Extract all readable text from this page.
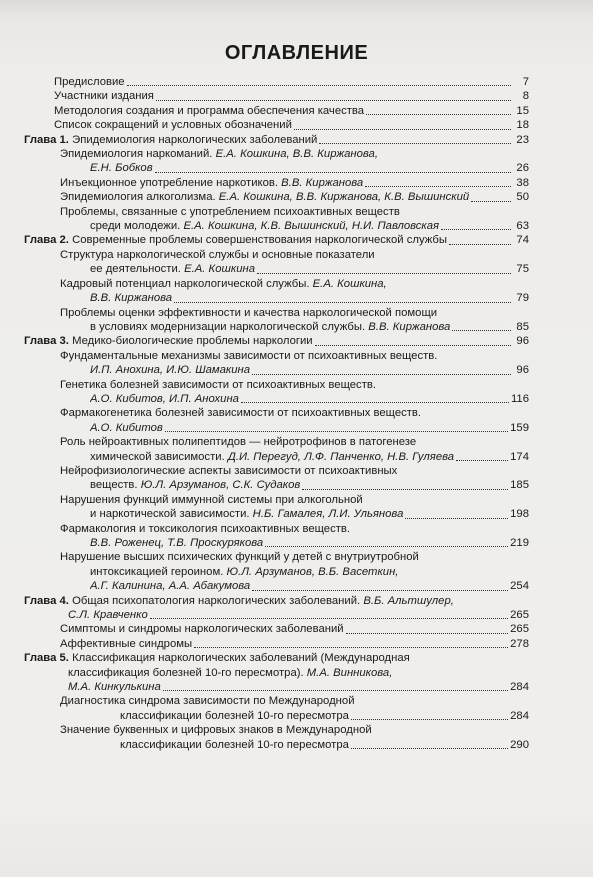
ОГЛАВЛЕНИЕ
Предисловие	7
Участники издания	8
Методология создания и программа обеспечения качества	15
Список сокращений и условных обозначений	18
Глава 1. Эпидемиология наркологических заболеваний	23
Эпидемиология наркоманий. Е.А. Кошкина, В.В. Киржанова,
Е.Н. Бобков	26
Инъекционное употребление наркотиков. В.В. Киржанова	38
Эпидемиология алкоголизма. Е.А. Кошкина, В.В. Киржанова, К.В. Вышинский	50
Проблемы, связанные с употреблением психоактивных веществ
среди молодежи. Е.А. Кошкина, К.В. Вышинский, Н.И. Павловская	63
Глава 2. Современные проблемы совершенствования наркологической службы	74
Структура наркологической службы и основные показатели
ее деятельности. Е.А. Кошкина	75
Кадровый потенциал наркологической службы. Е.А. Кошкина,
В.В. Киржанова	79
Проблемы оценки эффективности и качества наркологической помощи
в условиях модернизации наркологической службы. В.В. Киржанова	85
Глава 3. Медико-биологические проблемы наркологии	96
Фундаментальные механизмы зависимости от психоактивных веществ.
И.П. Анохина, И.Ю. Шамакина	96
Генетика болезней зависимости от психоактивных веществ.
А.О. Кибитов, И.П. Анохина	116
Фармакогенетика болезней зависимости от психоактивных веществ.
А.О. Кибитов	159
Роль нейроактивных полипептидов — нейротрофинов в патогенезе
химической зависимости. Д.И. Перегуд, Л.Ф. Панченко, Н.В. Гуляева	174
Нейрофизиологические аспекты зависимости от психоактивных
веществ. Ю.Л. Арзуманов, С.К. Судаков	185
Нарушения функций иммунной системы при алкогольной
и наркотической зависимости. Н.Б. Гамалея, Л.И. Ульянова	198
Фармакология и токсикология психоактивных веществ.
В.В. Роженец, Т.В. Проскурякова	219
Нарушение высших психических функций у детей с внутриутробной
интоксикацией героином. Ю.Л. Арзуманов, В.Б. Васеткин,
А.Г. Калинина, А.А. Абакумова	254
Глава 4. Общая психопатология наркологических заболеваний. В.Б. Альтшулер,
С.Л. Кравченко	265
Симптомы и синдромы наркологических заболеваний	265
Аффективные синдромы	278
Глава 5. Классификация наркологических заболеваний (Международная
классификация болезней 10-го пересмотра). М.А. Винникова,
М.А. Кинкулькина	284
Диагностика синдрома зависимости по Международной
классификации болезней 10-го пересмотра	284
Значение буквенных и цифровых знаков в Международной
классификации болезней 10-го пересмотра	290
